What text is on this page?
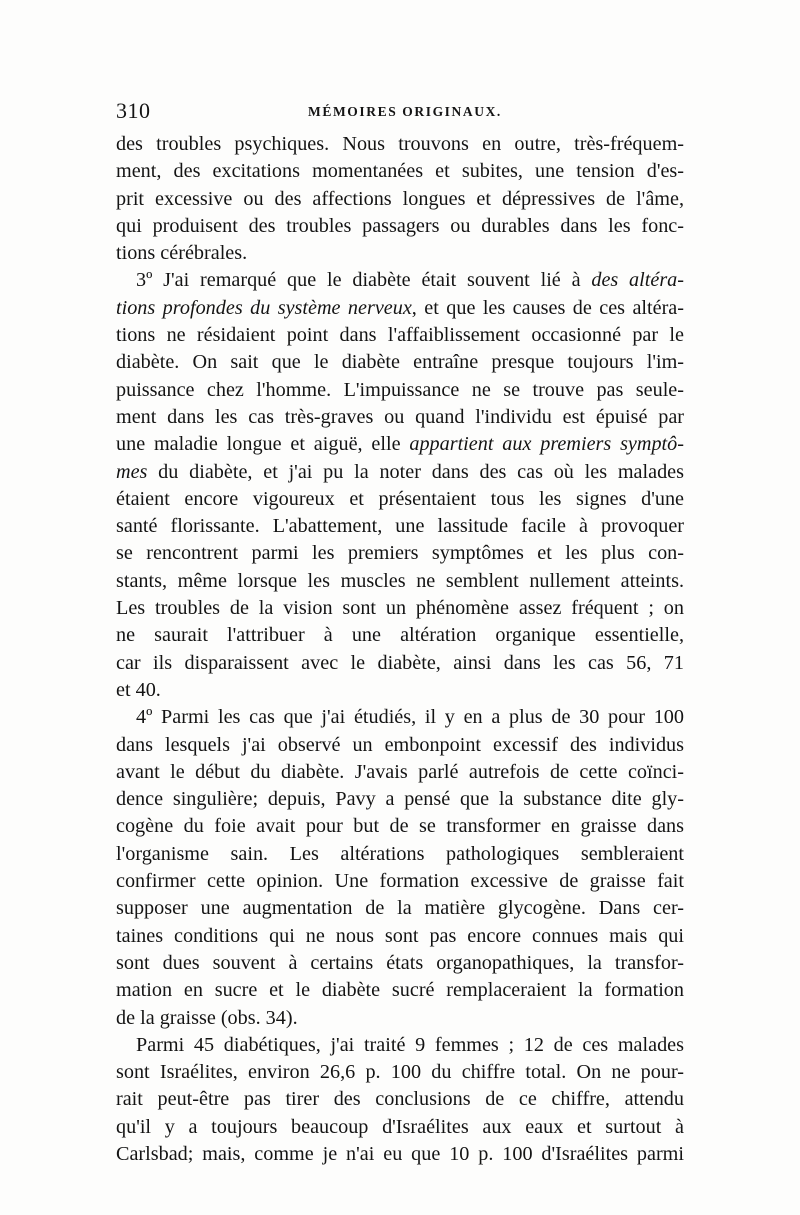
310	MÉMOIRES ORIGINAUX.
des troubles psychiques. Nous trouvons en outre, très-fréquem-
ment, des excitations momentanées et subites, une tension d'es-
prit excessive ou des affections longues et dépressives de l'âme,
qui produisent des troubles passagers ou durables dans les fonc-
tions cérébrales.
3º J'ai remarqué que le diabète était souvent lié à des altéra-
tions profondes du système nerveux, et que les causes de ces altéra-
tions ne résidaient point dans l'affaiblissement occasionné par le
diabète. On sait que le diabète entraîne presque toujours l'im-
puissance chez l'homme. L'impuissance ne se trouve pas seule-
ment dans les cas très-graves ou quand l'individu est épuisé par
une maladie longue et aiguë, elle appartient aux premiers symptô-
mes du diabète, et j'ai pu la noter dans des cas où les malades
étaient encore vigoureux et présentaient tous les signes d'une
santé florissante. L'abattement, une lassitude facile à provoquer
se rencontrent parmi les premiers symptômes et les plus con-
stants, même lorsque les muscles ne semblent nullement atteints.
Les troubles de la vision sont un phénomène assez fréquent ; on
ne saurait l'attribuer à une altération organique essentielle,
car ils disparaissent avec le diabète, ainsi dans les cas 56, 71
et 40.
4º Parmi les cas que j'ai étudiés, il y en a plus de 30 pour 100
dans lesquels j'ai observé un embonpoint excessif des individus
avant le début du diabète. J'avais parlé autrefois de cette coïnci-
dence singulière; depuis, Pavy a pensé que la substance dite gly-
cogène du foie avait pour but de se transformer en graisse dans
l'organisme sain. Les altérations pathologiques sembleraient
confirmer cette opinion. Une formation excessive de graisse fait
supposer une augmentation de la matière glycogène. Dans cer-
taines conditions qui ne nous sont pas encore connues mais qui
sont dues souvent à certains états organopathiques, la transfor-
mation en sucre et le diabète sucré remplaceraient la formation
de la graisse (obs. 34).
Parmi 45 diabétiques, j'ai traité 9 femmes ; 12 de ces malades
sont Israélites, environ 26,6 p. 100 du chiffre total. On ne pour-
rait peut-être pas tirer des conclusions de ce chiffre, attendu
qu'il y a toujours beaucoup d'Israélites aux eaux et surtout à
Carlsbad; mais, comme je n'ai eu que 10 p. 100 d'Israélites parmi
